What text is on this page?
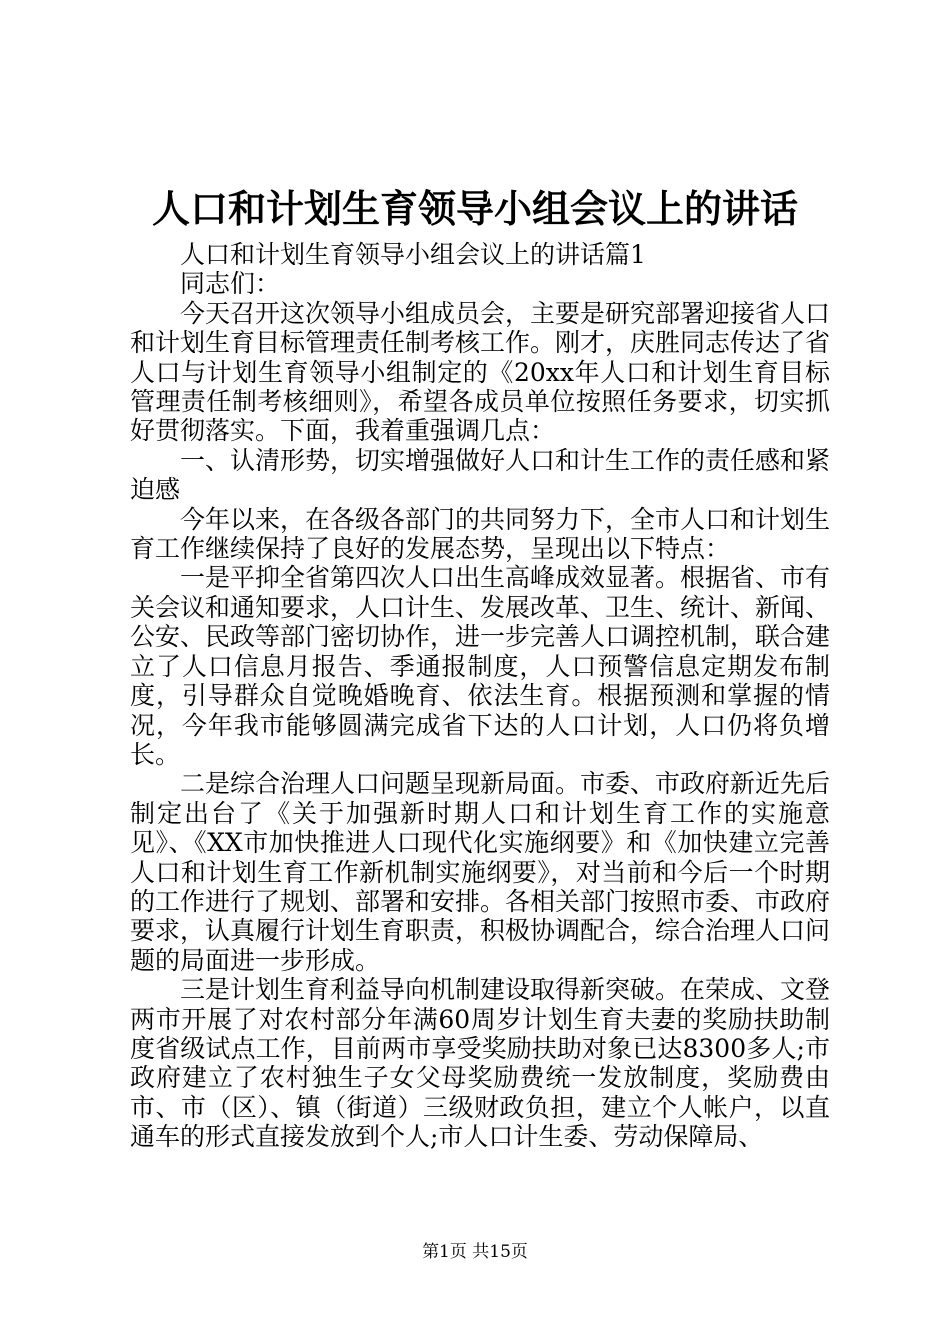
人口和计划生育领导小组会议上的讲话

人口和计划生育领导小组会议上的讲话篇1

同志们：

今天召开这次领导小组成员会，主要是研究部署迎接省人口和计划生育目标管理责任制考核工作。刚才，庆胜同志传达了省人口与计划生育领导小组制定的《20xx年人口和计划生育目标管理责任制考核细则》，希望各成员单位按照任务要求，切实抓好贯彻落实。下面，我着重强调几点：

一、认清形势，切实增强做好人口和计生工作的责任感和紧迫感

今年以来，在各级各部门的共同努力下，全市人口和计划生育工作继续保持了良好的发展态势，呈现出以下特点：

一是平抑全省第四次人口出生高峰成效显著。根据省、市有关会议和通知要求，人口计生、发展改革、卫生、统计、新闻、公安、民政等部门密切协作，进一步完善人口调控机制，联合建立了人口信息月报告、季通报制度，人口预警信息定期发布制度，引导群众自觉晚婚晚育、依法生育。根据预测和掌握的情况，今年我市能够圆满完成省下达的人口计划，人口仍将负增长。

二是综合治理人口问题呈现新局面。市委、市政府新近先后制定出台了《关于加强新时期人口和计划生育工作的实施意见》、《XX市加快推进人口现代化实施纲要》和《加快建立完善人口和计划生育工作新机制实施纲要》，对当前和今后一个时期的工作进行了规划、部署和安排。各相关部门按照市委、市政府要求，认真履行计划生育职责，积极协调配合，综合治理人口问题的局面进一步形成。

三是计划生育利益导向机制建设取得新突破。在荣成、文登两市开展了对农村部分年满60周岁计划生育夫妻的奖励扶助制度省级试点工作，目前两市享受奖励扶助对象已达8300多人;市政府建立了农村独生子女父母奖励费统一发放制度，奖励费由市、市（区）、镇（街道）三级财政负担，建立个人帐户，以直通车的形式直接发放到个人;市人口计生委、劳动保障局、

第1页 共15页
